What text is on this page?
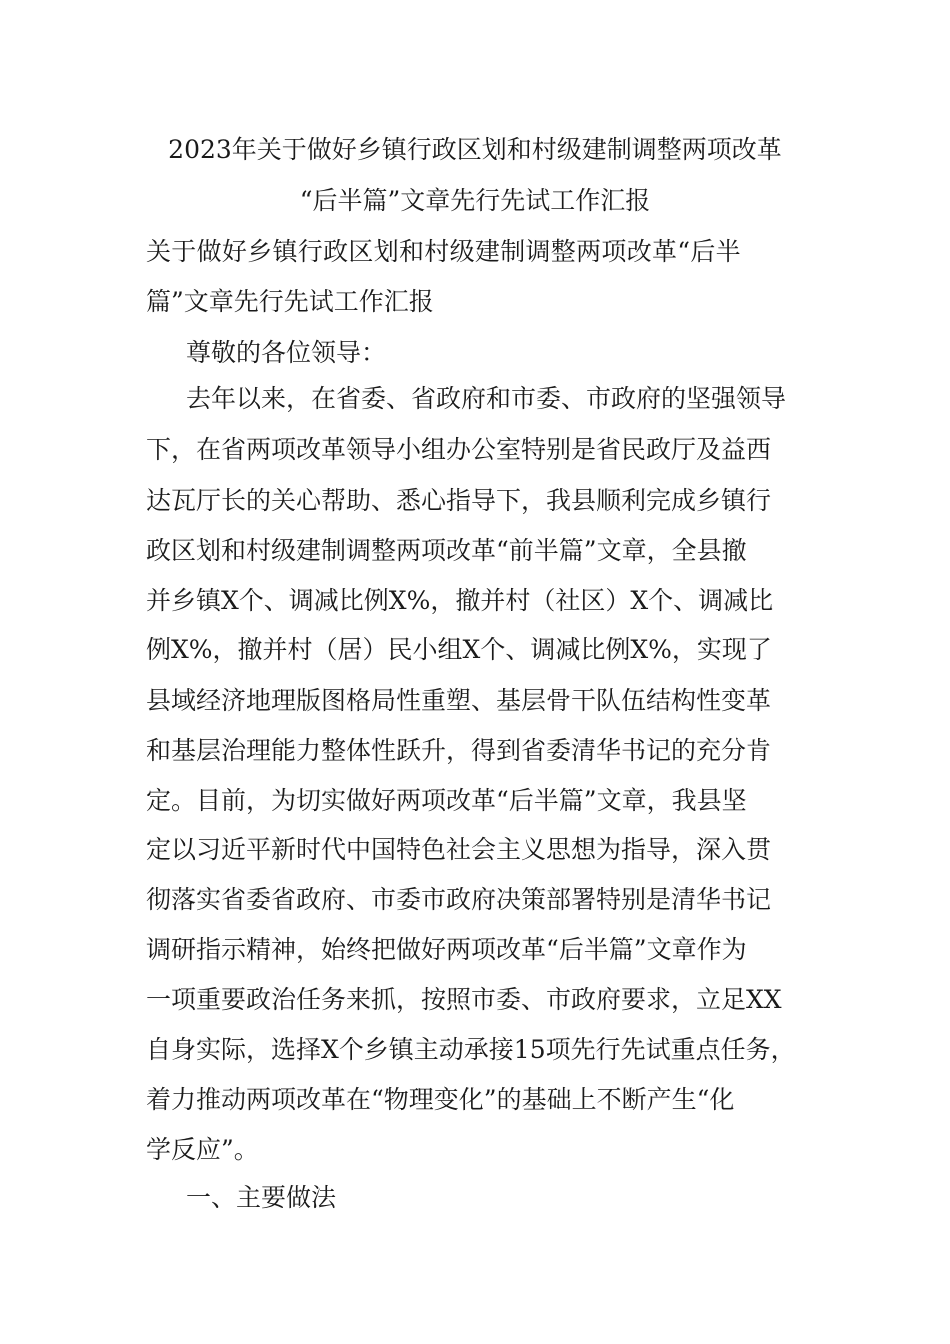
2023年关于做好乡镇行政区划和村级建制调整两项改革
“后半篇”文章先行先试工作汇报
关于做好乡镇行政区划和村级建制调整两项改革“后半
篇”文章先行先试工作汇报
尊敬的各位领导：
去年以来，在省委、省政府和市委、市政府的坚强领导
下，在省两项改革领导小组办公室特别是省民政厅及益西
达瓦厅长的关心帮助、悉心指导下，我县顺利完成乡镇行
政区划和村级建制调整两项改革“前半篇”文章，全县撤
并乡镇X个、调减比例X%，撤并村（社区）X个、调减比
例X%，撤并村（居）民小组X个、调减比例X%，实现了
县域经济地理版图格局性重塑、基层骨干队伍结构性变革
和基层治理能力整体性跃升，得到省委清华书记的充分肯
定。目前，为切实做好两项改革“后半篇”文章，我县坚
定以习近平新时代中国特色社会主义思想为指导，深入贯
彻落实省委省政府、市委市政府决策部署特别是清华书记
调研指示精神，始终把做好两项改革“后半篇”文章作为
一项重要政治任务来抓，按照市委、市政府要求，立足XX
自身实际，选择X个乡镇主动承接15项先行先试重点任务，
着力推动两项改革在“物理变化”的基础上不断产生“化
学反应”。
一、主要做法
